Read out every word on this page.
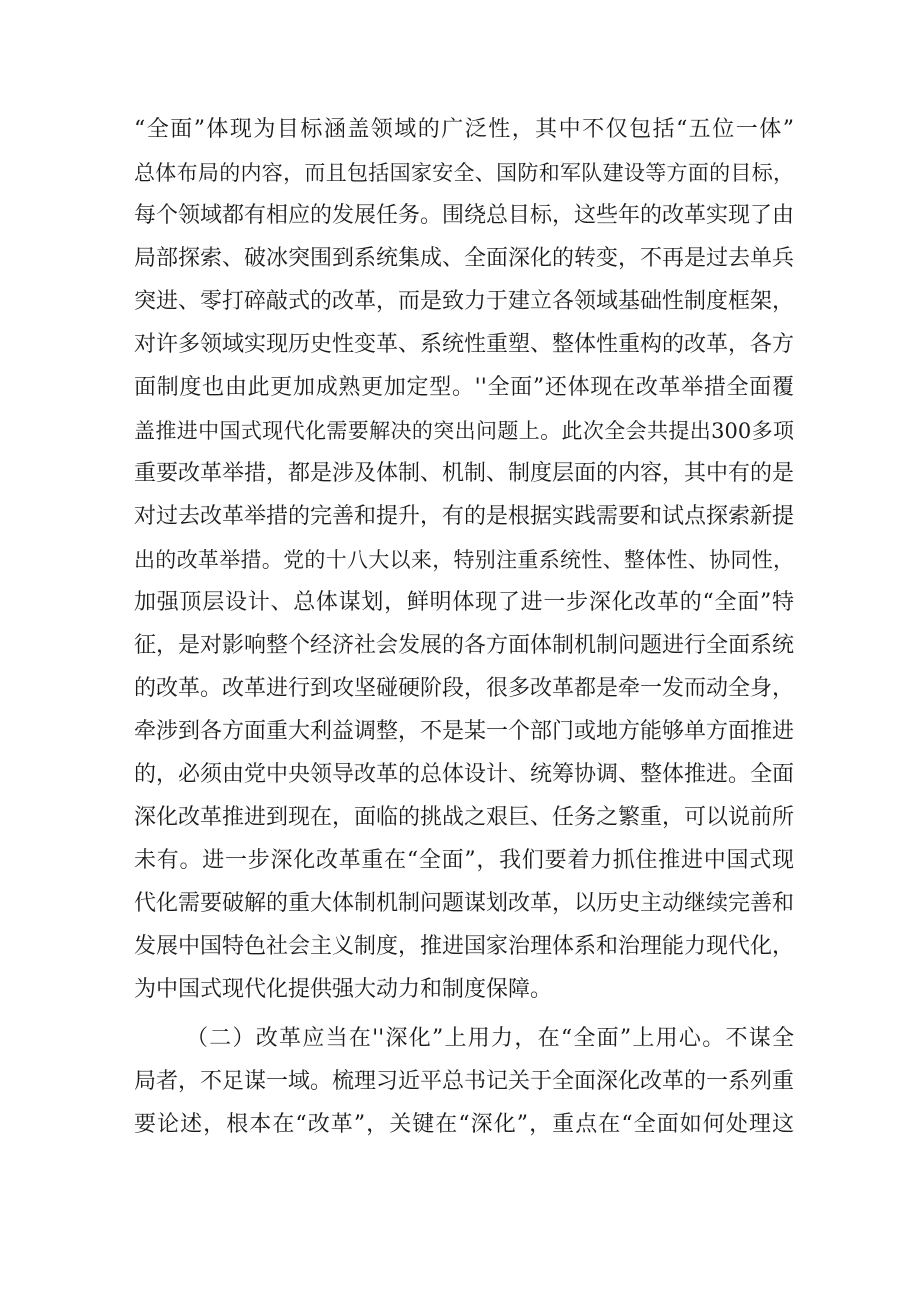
“全面”体现为目标涵盖领域的广泛性，其中不仅包括“五位一体”
总体布局的内容，而且包括国家安全、国防和军队建设等方面的目标，
每个领域都有相应的发展任务。围绕总目标，这些年的改革实现了由
局部探索、破冰突围到系统集成、全面深化的转变，不再是过去单兵
突进、零打碎敲式的改革，而是致力于建立各领域基础性制度框架，
对许多领域实现历史性变革、系统性重塑、整体性重构的改革，各方
面制度也由此更加成熟更加定型。''全面”还体现在改革举措全面覆
盖推进中国式现代化需要解决的突出问题上。此次全会共提出300多项
重要改革举措，都是涉及体制、机制、制度层面的内容，其中有的是
对过去改革举措的完善和提升，有的是根据实践需要和试点探索新提
出的改革举措。党的十八大以来，特别注重系统性、整体性、协同性，
加强顶层设计、总体谋划，鲜明体现了进一步深化改革的“全面”特
征，是对影响整个经济社会发展的各方面体制机制问题进行全面系统
的改革。改革进行到攻坚碰硬阶段，很多改革都是牵一发而动全身，
牵涉到各方面重大利益调整，不是某一个部门或地方能够单方面推进
的，必须由党中央领导改革的总体设计、统筹协调、整体推进。全面
深化改革推进到现在，面临的挑战之艰巨、任务之繁重，可以说前所
未有。进一步深化改革重在“全面”，我们要着力抓住推进中国式现
代化需要破解的重大体制机制问题谋划改革，以历史主动继续完善和
发展中国特色社会主义制度，推进国家治理体系和治理能力现代化，
为中国式现代化提供强大动力和制度保障。
（二）改革应当在''深化”上用力，在“全面”上用心。不谋全
局者，不足谋一域。梳理习近平总书记关于全面深化改革的一系列重
要论述，根本在“改革”，关键在“深化”，重点在“全面如何处理这
